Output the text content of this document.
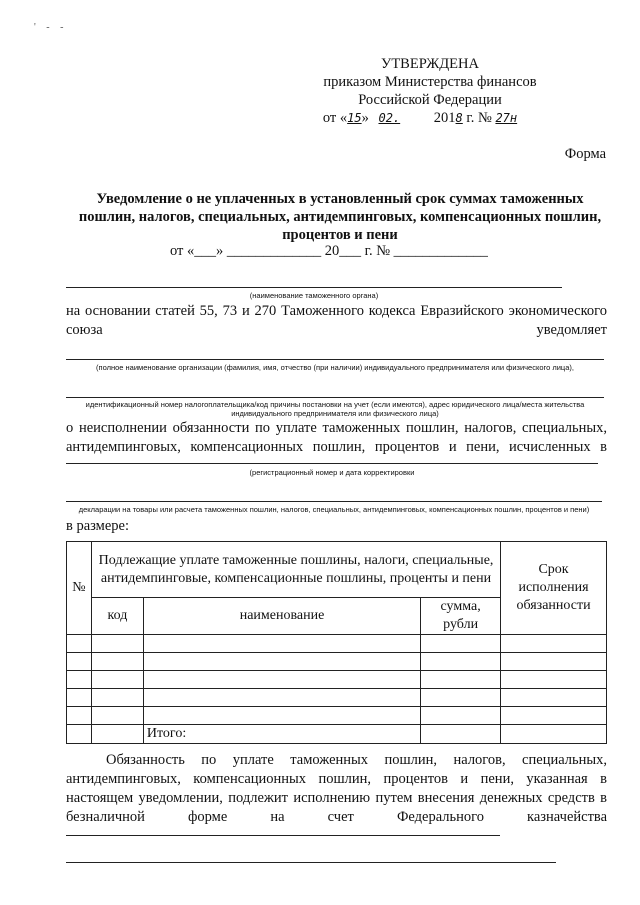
' - -
УТВЕРЖДЕНА
приказом Министерства финансов
Российской Федерации
от «15» 02. 2018 г. № 27н
Форма
Уведомление о не уплаченных в установленный срок суммах таможенных
пошлин, налогов, специальных, антидемпинговых, компенсационных пошлин,
процентов и пени
от «___» _____________ 20___ г. № _____________
(наименование таможенного органа)
на основании статей 55, 73 и 270 Таможенного кодекса Евразийского экономического союза уведомляет
(полное наименование организации (фамилия, имя, отчество (при наличии) индивидуального предпринимателя или физического лица),
идентификационный номер налогоплательщика/код причины постановки на учет (если имеются), адрес юридического лица/места жительства
индивидуального предпринимателя или физического лица)
о неисполнении обязанности по уплате таможенных пошлин, налогов, специальных, антидемпинговых, компенсационных пошлин, процентов и пени, исчисленных в
(регистрационный номер и дата корректировки
декларации на товары или расчета таможенных пошлин, налогов, специальных, антидемпинговых, компенсационных пошлин, процентов и пени)
в размере:
№	Подлежащие уплате таможенные пошлины, налоги, специальные, антидемпинговые, компенсационные пошлины, проценты и пени			Срок исполнения обязанности
	код	наименование	сумма, рубли	

		Итого:		
Обязанность по уплате таможенных пошлин, налогов, специальных, антидемпинговых, компенсационных пошлин, процентов и пени, указанная в настоящем уведомлении, подлежит исполнению путем внесения денежных средств в безналичной форме на счет Федерального казначейства
